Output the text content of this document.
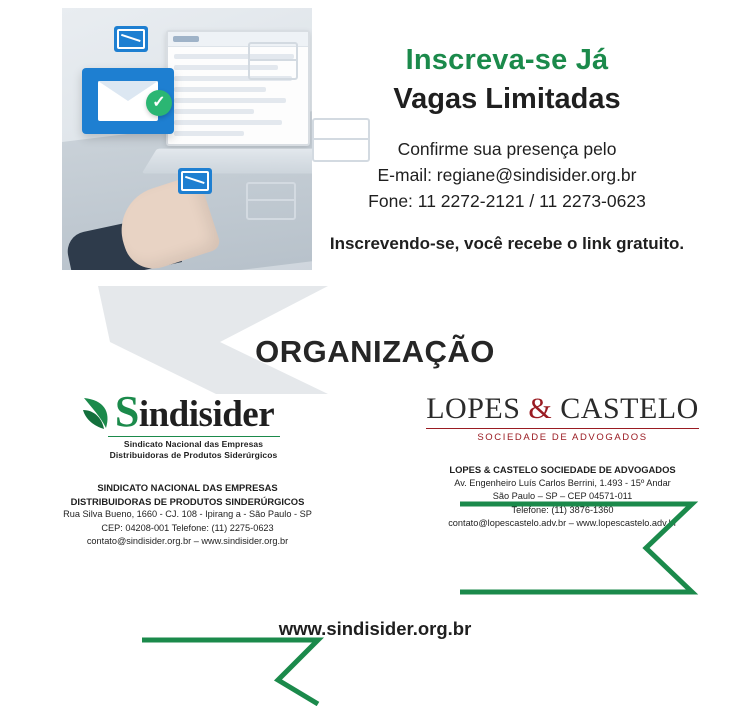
✓
Inscreva-se Já
Vagas Limitadas
Confirme sua presença pelo
E-mail: regiane@sindisider.org.br
Fone: 11 2272-2121 / 11 2273-0623
Inscrevendo-se, você recebe o link gratuito.
ORGANIZAÇÃO
Sindisider
Sindicato Nacional das Empresas
Distribuidoras de Produtos Siderúrgicos
SINDICATO NACIONAL DAS EMPRESAS
DISTRIBUIDORAS DE PRODUTOS SINDERÚRGICOS
Rua Silva Bueno, 1660 - CJ. 108 - Ipirang a - São Paulo - SP
CEP: 04208-001 Telefone: (11) 2275-0623
contato@sindisider.org.br – www.sindisider.org.br
LOPES & CASTELO
SOCIEDADE DE ADVOGADOS
LOPES & CASTELO SOCIEDADE DE ADVOGADOS
Av. Engenheiro Luís Carlos Berrini, 1.493 - 15º Andar
São Paulo – SP – CEP 04571-011
Telefone: (11) 3876-1360
contato@lopescastelo.adv.br – www.lopescastelo.adv.br
www.sindisider.org.br
